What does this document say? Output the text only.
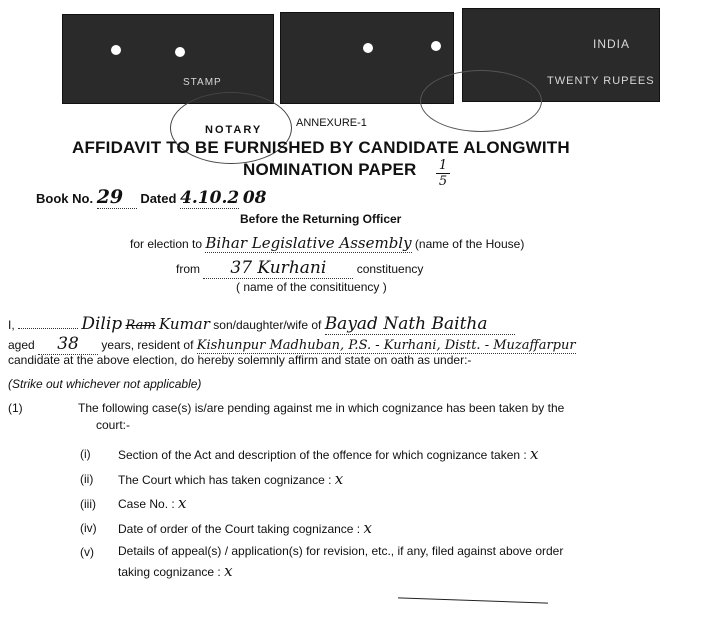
STAMP
INDIA
TWENTY RUPEES
NOTARY
ANNEXURE-1
AFFIDAVIT TO BE FURNISHED BY CANDIDATE ALONGWITH
NOMINATION PAPER 1
5
Book No. 29 Dated 4.10.2 08
Before the Returning Officer
for election to Bihar Legislative Assembly (name of the House)
from 37 Kurhani	constituency
( name of the consitituency )
I,	Dilip Ram Kumar son/daughter/wife of Bayad Nath Baitha
aged 38 years, resident of Kishunpur Madhuban, P.S. - Kurhani, Distt. - Muzaffarpur
candidate at the above election, do hereby solemnly affirm and state on oath as under:-
(Strike out whichever not applicable)
(1)	The following case(s) is/are pending against me in which cognizance has been taken by the
court:-
(i) Section of the Act and description of the offence for which cognizance taken : x
(ii) The Court which has taken cognizance : x
(iii) Case No. : x
(iv) Date of order of the Court taking cognizance : x
(v) Details of appeal(s) / application(s) for revision, etc., if any, filed against above order
taking cognizance : x
